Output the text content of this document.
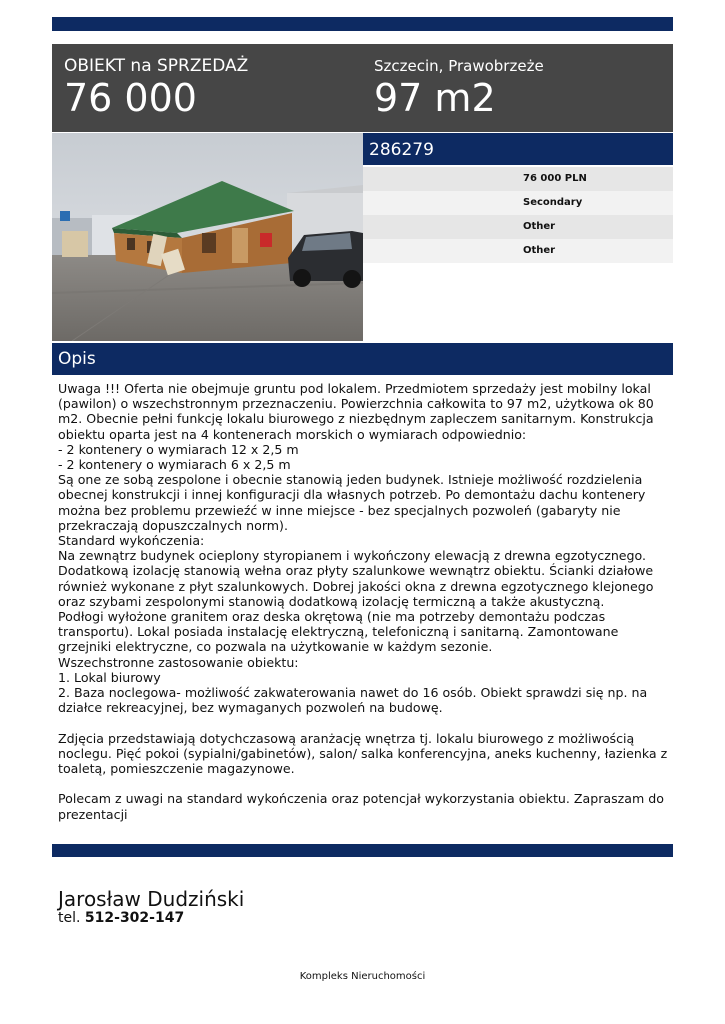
OBIEKT na SPRZEDAŻ
76 000
Szczecin, Prawobrzeże
97 m2
286279
76 000 PLN
Secondary
Other
Other
Opis
Uwaga !!! Oferta nie obejmuje gruntu pod lokalem. Przedmiotem sprzedaży jest mobilny lokal (pawilon) o wszechstronnym przeznaczeniu. Powierzchnia całkowita to 97 m2, użytkowa ok 80 m2. Obecnie pełni funkcję lokalu biurowego z niezbędnym zapleczem sanitarnym. Konstrukcja obiektu oparta jest na 4 kontenerach morskich o wymiarach odpowiednio:
- 2 kontenery o wymiarach 12 x 2,5 m
- 2 kontenery o wymiarach 6 x 2,5 m
Są one ze sobą zespolone i obecnie stanowią jeden budynek. Istnieje możliwość rozdzielenia obecnej konstrukcji i innej konfiguracji dla własnych potrzeb. Po demontażu dachu kontenery można bez problemu przewieźć w inne miejsce - bez specjalnych pozwoleń (gabaryty nie przekraczają dopuszczalnych norm).
Standard wykończenia:
Na zewnątrz budynek ocieplony styropianem i wykończony elewacją z drewna egzotycznego. Dodatkową izolację stanowią wełna oraz płyty szalunkowe wewnątrz obiektu. Ścianki działowe również wykonane z płyt szalunkowych. Dobrej jakości okna z drewna egzotycznego klejonego oraz szybami zespolonymi stanowią dodatkową izolację termiczną a także akustyczną.
Podłogi wyłożone granitem oraz deska okrętową (nie ma potrzeby demontażu podczas transportu). Lokal posiada instalację elektryczną, telefoniczną i sanitarną. Zamontowane grzejniki elektryczne, co pozwala na użytkowanie w każdym sezonie.
Wszechstronne zastosowanie obiektu:
1. Lokal biurowy
2. Baza noclegowa- możliwość zakwaterowania nawet do 16 osób. Obiekt sprawdzi się np. na działce rekreacyjnej, bez wymaganych pozwoleń na budowę.

Zdjęcia przedstawiają dotychczasową aranżację wnętrza tj. lokalu biurowego z możliwością noclegu. Pięć pokoi (sypialni/gabinetów), salon/ salka konferencyjna, aneks kuchenny, łazienka z toaletą, pomieszczenie magazynowe.

Polecam z uwagi na standard wykończenia oraz potencjał wykorzystania obiektu. Zapraszam do prezentacji
Jarosław Dudziński
tel. 512-302-147
Kompleks Nieruchomości
